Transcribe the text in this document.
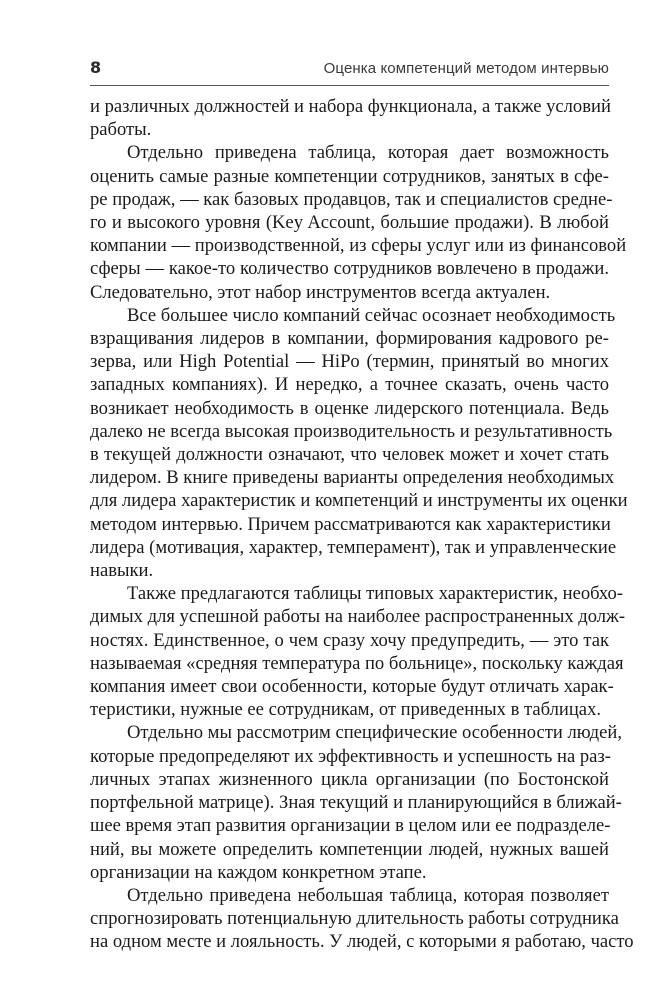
8	Оценка компетенций методом интервью

и различных должностей и набора функционала, а также условий
работы.

Отдельно приведена таблица, которая дает возможность
оценить самые разные компетенции сотрудников, занятых в сфе-
ре продаж, — как базовых продавцов, так и специалистов средне-
го и высокого уровня (Key Account, большие продажи). В любой
компании — производственной, из сферы услуг или из финансовой
сферы — какое-то количество сотрудников вовлечено в продажи.
Следовательно, этот набор инструментов всегда актуален.

Все большее число компаний сейчас осознает необходимость
взращивания лидеров в компании, формирования кадрового ре-
зерва, или High Potential — HiPo (термин, принятый во многих
западных компаниях). И нередко, а точнее сказать, очень часто
возникает необходимость в оценке лидерского потенциала. Ведь
далеко не всегда высокая производительность и результативность
в текущей должности означают, что человек может и хочет стать
лидером. В книге приведены варианты определения необходимых
для лидера характеристик и компетенций и инструменты их оценки
методом интервью. Причем рассматриваются как характеристики
лидера (мотивация, характер, темперамент), так и управленческие
навыки.

Также предлагаются таблицы типовых характеристик, необхо-
димых для успешной работы на наиболее распространенных долж-
ностях. Единственное, о чем сразу хочу предупредить, — это так
называемая «средняя температура по больнице», поскольку каждая
компания имеет свои особенности, которые будут отличать харак-
теристики, нужные ее сотрудникам, от приведенных в таблицах.

Отдельно мы рассмотрим специфические особенности людей,
которые предопределяют их эффективность и успешность на раз-
личных этапах жизненного цикла организации (по Бостонской
портфельной матрице). Зная текущий и планирующийся в ближай-
шее время этап развития организации в целом или ее подразделе-
ний, вы можете определить компетенции людей, нужных вашей
организации на каждом конкретном этапе.

Отдельно приведена небольшая таблица, которая позволяет
спрогнозировать потенциальную длительность работы сотрудника
на одном месте и лояльность. У людей, с которыми я работаю, часто
